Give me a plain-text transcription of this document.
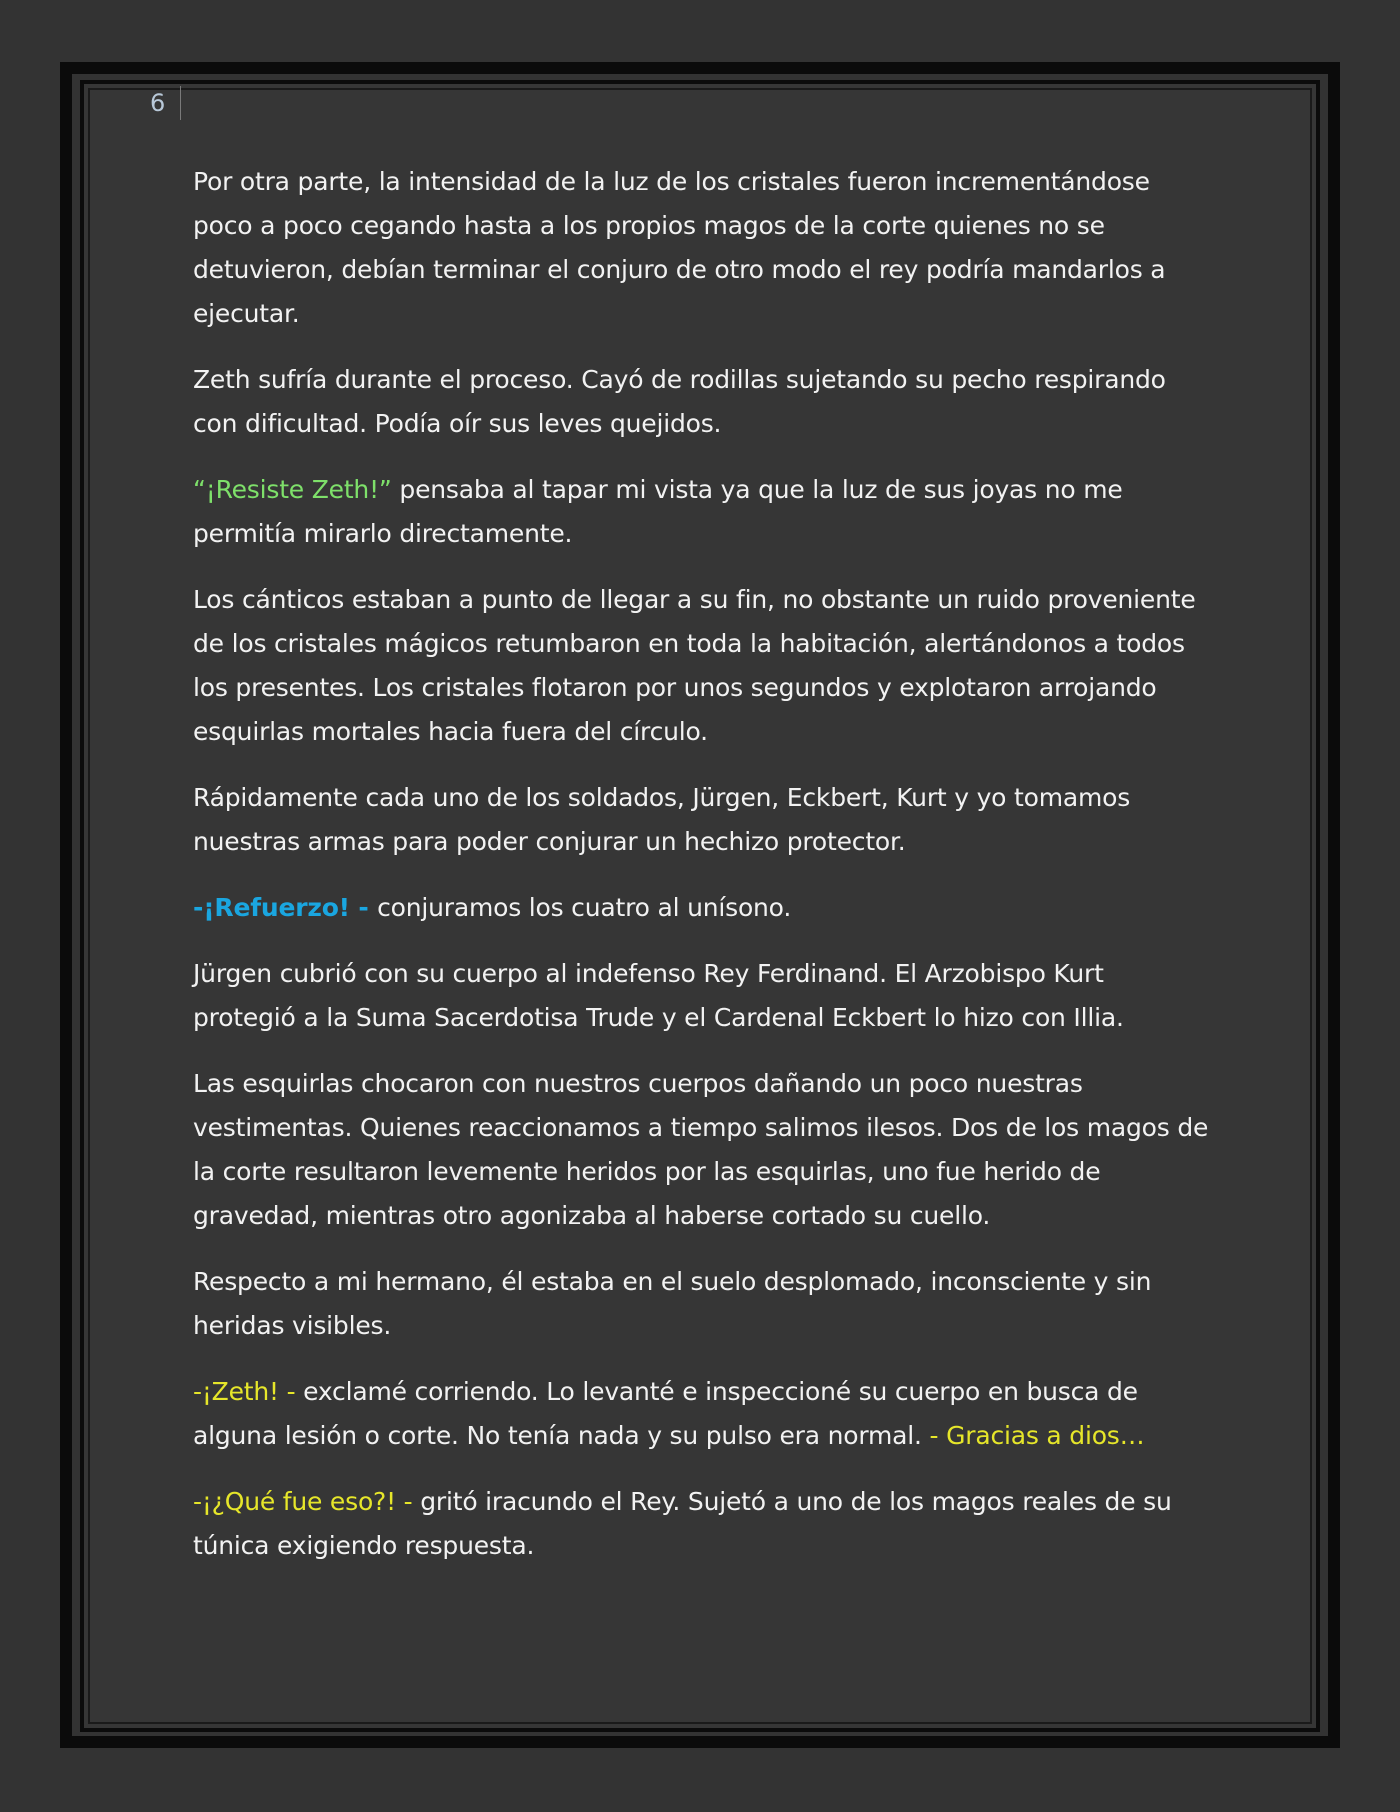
6

Por otra parte, la intensidad de la luz de los cristales fueron incrementándose poco a poco cegando hasta a los propios magos de la corte quienes no se detuvieron, debían terminar el conjuro de otro modo el rey podría mandarlos a ejecutar.

Zeth sufría durante el proceso. Cayó de rodillas sujetando su pecho respirando con dificultad. Podía oír sus leves quejidos.

“¡Resiste Zeth!” pensaba al tapar mi vista ya que la luz de sus joyas no me permitía mirarlo directamente.

Los cánticos estaban a punto de llegar a su fin, no obstante un ruido proveniente de los cristales mágicos retumbaron en toda la habitación, alertándonos a todos los presentes. Los cristales flotaron por unos segundos y explotaron arrojando esquirlas mortales hacia fuera del círculo.

Rápidamente cada uno de los soldados, Jürgen, Eckbert, Kurt y yo tomamos nuestras armas para poder conjurar un hechizo protector.

-¡Refuerzo! - conjuramos los cuatro al unísono.

Jürgen cubrió con su cuerpo al indefenso Rey Ferdinand. El Arzobispo Kurt protegió a la Suma Sacerdotisa Trude y el Cardenal Eckbert lo hizo con Illia.

Las esquirlas chocaron con nuestros cuerpos dañando un poco nuestras vestimentas. Quienes reaccionamos a tiempo salimos ilesos. Dos de los magos de la corte resultaron levemente heridos por las esquirlas, uno fue herido de gravedad, mientras otro agonizaba al haberse cortado su cuello.

Respecto a mi hermano, él estaba en el suelo desplomado, inconsciente y sin heridas visibles.

-¡Zeth! - exclamé corriendo. Lo levanté e inspeccioné su cuerpo en busca de alguna lesión o corte. No tenía nada y su pulso era normal. - Gracias a dios…

-¡¿Qué fue eso?! - gritó iracundo el Rey. Sujetó a uno de los magos reales de su túnica exigiendo respuesta.
